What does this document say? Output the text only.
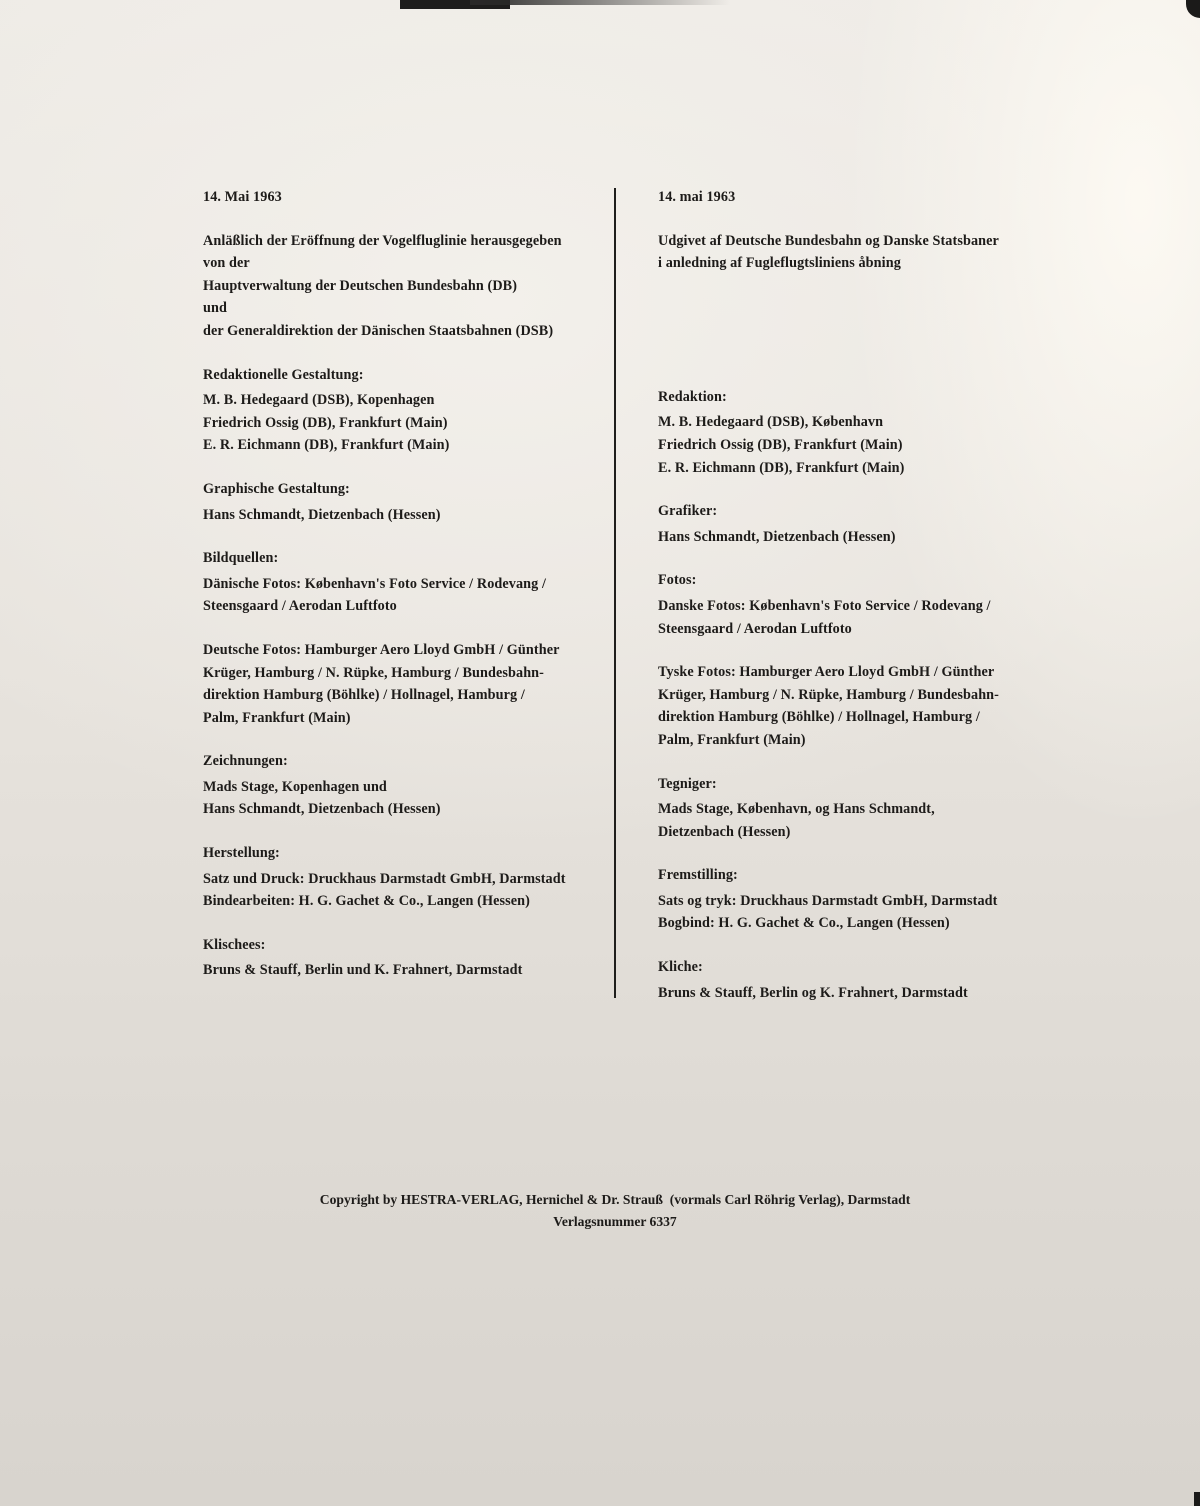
14. Mai 1963
Anläßlich der Eröffnung der Vogelfluglinie herausgegeben
von der
Hauptverwaltung der Deutschen Bundesbahn (DB)
und
der Generaldirektion der Dänischen Staatsbahnen (DSB)
Redaktionelle Gestaltung:
M. B. Hedegaard (DSB), Kopenhagen
Friedrich Ossig (DB), Frankfurt (Main)
E. R. Eichmann (DB), Frankfurt (Main)
Graphische Gestaltung:
Hans Schmandt, Dietzenbach (Hessen)
Bildquellen:
Dänische Fotos: København's Foto Service / Rodevang /
Steensgaard / Aerodan Luftfoto
Deutsche Fotos: Hamburger Aero Lloyd GmbH / Günther
Krüger, Hamburg / N. Rüpke, Hamburg / Bundesbahn-
direktion Hamburg (Böhlke) / Hollnagel, Hamburg /
Palm, Frankfurt (Main)
Zeichnungen:
Mads Stage, Kopenhagen und
Hans Schmandt, Dietzenbach (Hessen)
Herstellung:
Satz und Druck: Druckhaus Darmstadt GmbH, Darmstadt
Bindearbeiten: H. G. Gachet & Co., Langen (Hessen)
Klischees:
Bruns & Stauff, Berlin und K. Frahnert, Darmstadt
14. mai 1963
Udgivet af Deutsche Bundesbahn og Danske Statsbaner
i anledning af Fugleflugtsliniens åbning
Redaktion:
M. B. Hedegaard (DSB), København
Friedrich Ossig (DB), Frankfurt (Main)
E. R. Eichmann (DB), Frankfurt (Main)
Grafiker:
Hans Schmandt, Dietzenbach (Hessen)
Fotos:
Danske Fotos: København's Foto Service / Rodevang /
Steensgaard / Aerodan Luftfoto
Tyske Fotos: Hamburger Aero Lloyd GmbH / Günther
Krüger, Hamburg / N. Rüpke, Hamburg / Bundesbahn-
direktion Hamburg (Böhlke) / Hollnagel, Hamburg /
Palm, Frankfurt (Main)
Tegniger:
Mads Stage, København, og Hans Schmandt,
Dietzenbach (Hessen)
Fremstilling:
Sats og tryk: Druckhaus Darmstadt GmbH, Darmstadt
Bogbind: H. G. Gachet & Co., Langen (Hessen)
Kliche:
Bruns & Stauff, Berlin og K. Frahnert, Darmstadt
Copyright by HESTRA-VERLAG, Hernichel & Dr. Strauß  (vormals Carl Röhrig Verlag), Darmstadt
Verlagsnummer 6337
